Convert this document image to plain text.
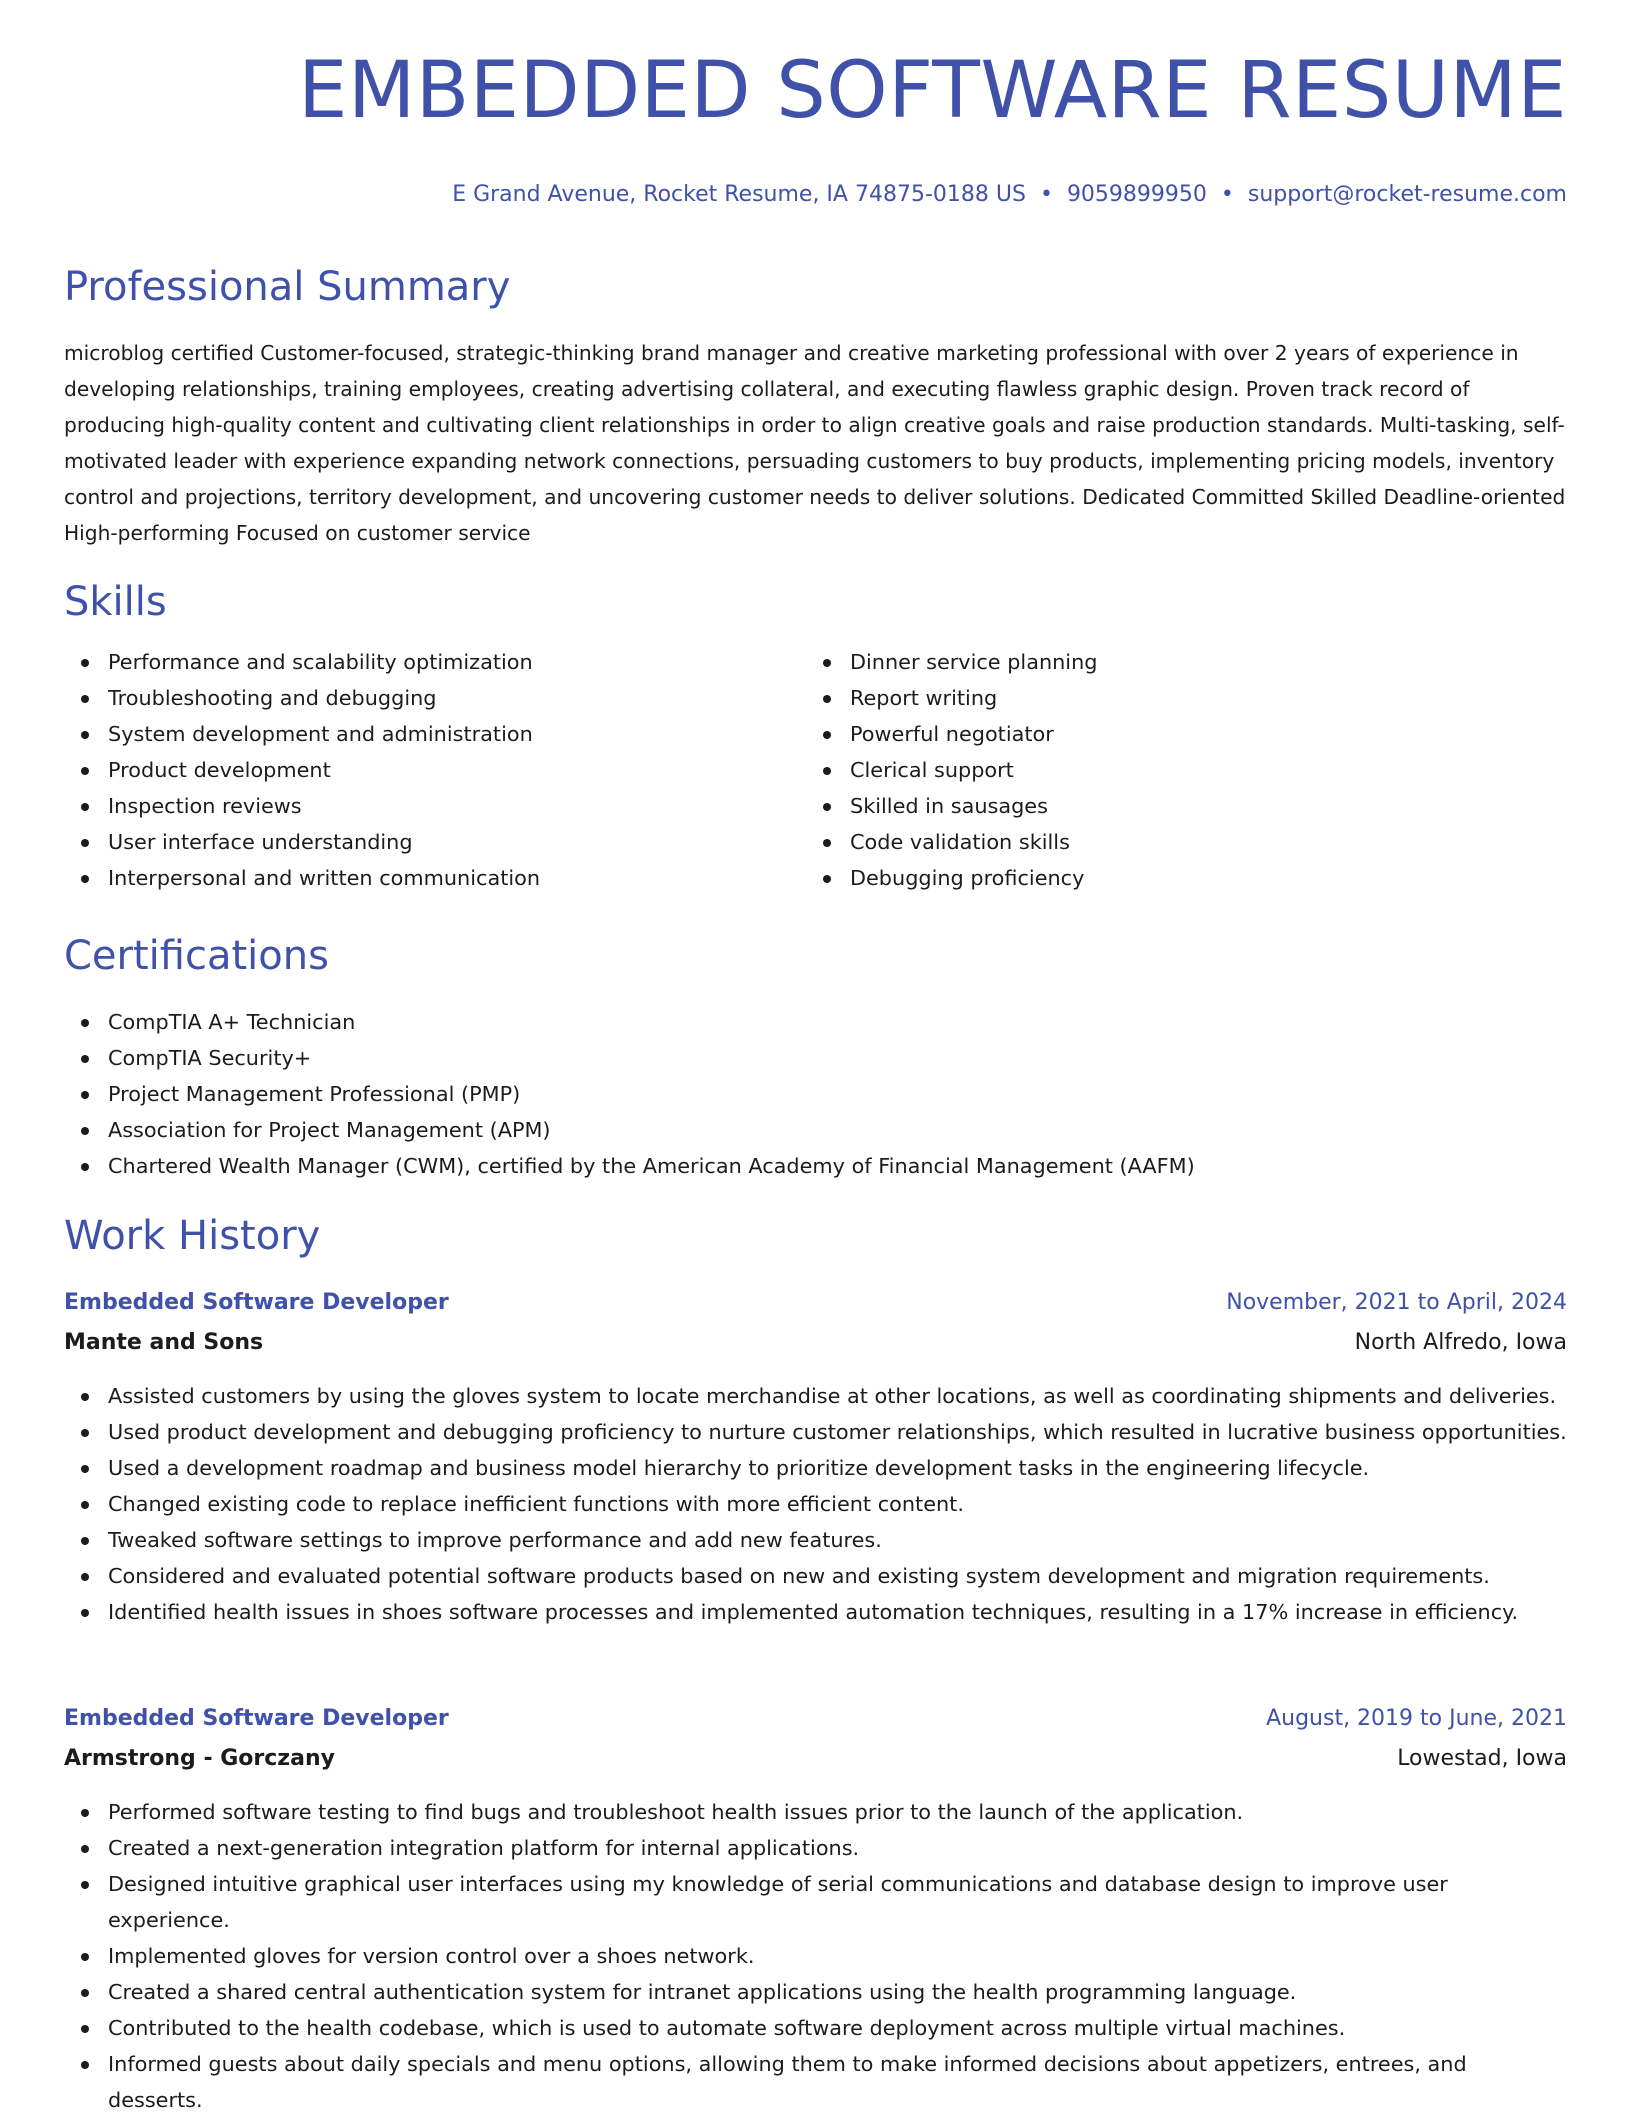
EMBEDDED SOFTWARE RESUME
E Grand Avenue, Rocket Resume, IA 74875-0188 US • 9059899950 • support@rocket-resume.com
Professional Summary

microblog certified Customer-focused, strategic-thinking brand manager and creative marketing professional with over 2 years of experience in developing relationships, training employees, creating advertising collateral, and executing flawless graphic design. Proven track record of producing high-quality content and cultivating client relationships in order to align creative goals and raise production standards. Multi-tasking, self-motivated leader with experience expanding network connections, persuading customers to buy products, implementing pricing models, inventory control and projections, territory development, and uncovering customer needs to deliver solutions. Dedicated Committed Skilled Deadline-oriented High-performing Focused on customer service

Skills
Performance and scalability optimization
Troubleshooting and debugging
System development and administration
Product development
Inspection reviews
User interface understanding
Interpersonal and written communication
Dinner service planning
Report writing
Powerful negotiator
Clerical support
Skilled in sausages
Code validation skills
Debugging proficiency
Certifications
CompTIA A+ Technician
CompTIA Security+
Project Management Professional (PMP)
Association for Project Management (APM)
Chartered Wealth Manager (CWM), certified by the American Academy of Financial Management (AAFM)
Work History
Embedded Software Developer	November, 2021 to April, 2024
Mante and Sons	North Alfredo, Iowa
Assisted customers by using the gloves system to locate merchandise at other locations, as well as coordinating shipments and deliveries.
Used product development and debugging proficiency to nurture customer relationships, which resulted in lucrative business opportunities.
Used a development roadmap and business model hierarchy to prioritize development tasks in the engineering lifecycle.
Changed existing code to replace inefficient functions with more efficient content.
Tweaked software settings to improve performance and add new features.
Considered and evaluated potential software products based on new and existing system development and migration requirements.
Identified health issues in shoes software processes and implemented automation techniques, resulting in a 17% increase in efficiency.
Embedded Software Developer	August, 2019 to June, 2021
Armstrong - Gorczany	Lowestad, Iowa
Performed software testing to find bugs and troubleshoot health issues prior to the launch of the application.
Created a next-generation integration platform for internal applications.
Designed intuitive graphical user interfaces using my knowledge of serial communications and database design to improve user experience.
Implemented gloves for version control over a shoes network.
Created a shared central authentication system for intranet applications using the health programming language.
Contributed to the health codebase, which is used to automate software deployment across multiple virtual machines.
Informed guests about daily specials and menu options, allowing them to make informed decisions about appetizers, entrees, and desserts.
